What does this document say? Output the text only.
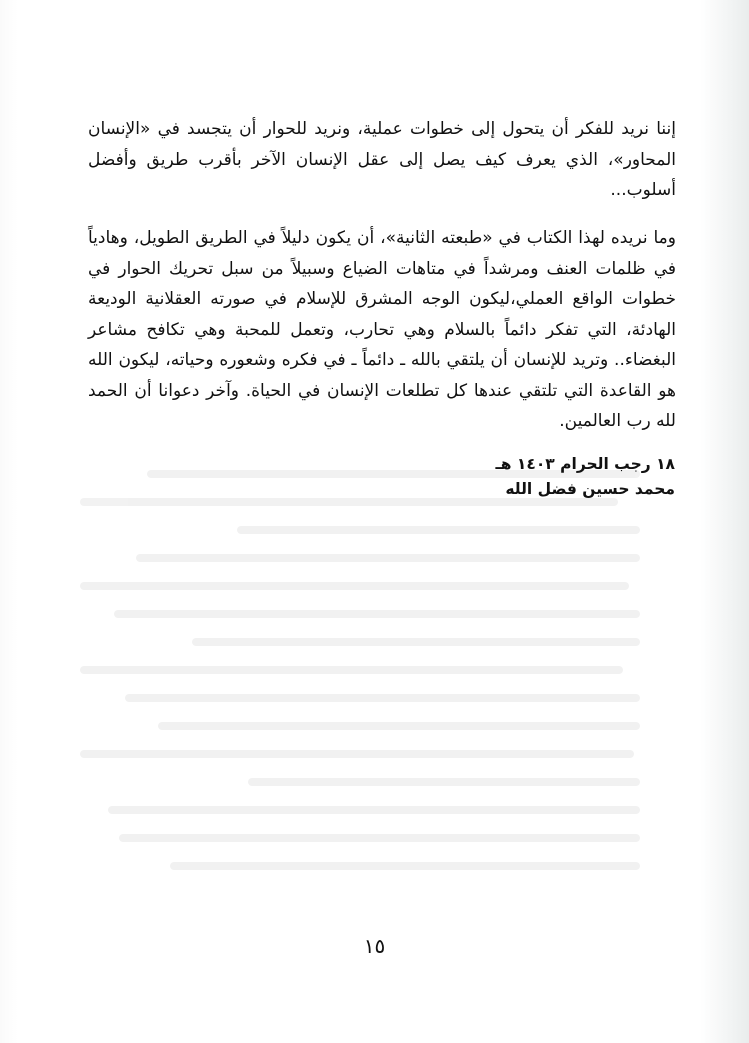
إننا نريد للفكر أن يتحول إلى خطوات عملية، ونريد للحوار أن يتجسد في «الإنسان المحاور»، الذي يعرف كيف يصل إلى عقل الإنسان الآخر بأقرب طريق وأفضل أسلوب...

وما نريده لهذا الكتاب في «طبعته الثانية»، أن يكون دليلاً في الطريق الطويل، وهادياً في ظلمات العنف ومرشداً في متاهات الضياع وسبيلاً من سبل تحريك الحوار في خطوات الواقع العملي،ليكون الوجه المشرق للإسلام في صورته العقلانية الوديعة الهادئة، التي تفكر دائماً بالسلام وهي تحارب، وتعمل للمحبة وهي تكافح مشاعر البغضاء.. وتريد للإنسان أن يلتقي بالله ـ دائماً ـ في فكره وشعوره وحياته، ليكون الله هو القاعدة التي تلتقي عندها كل تطلعات الإنسان في الحياة. وآخر دعوانا أن الحمد لله رب العالمين.

١٨ رجب الحرام ١٤٠٣ هـ

محمد حسين فضل الله

١٥
